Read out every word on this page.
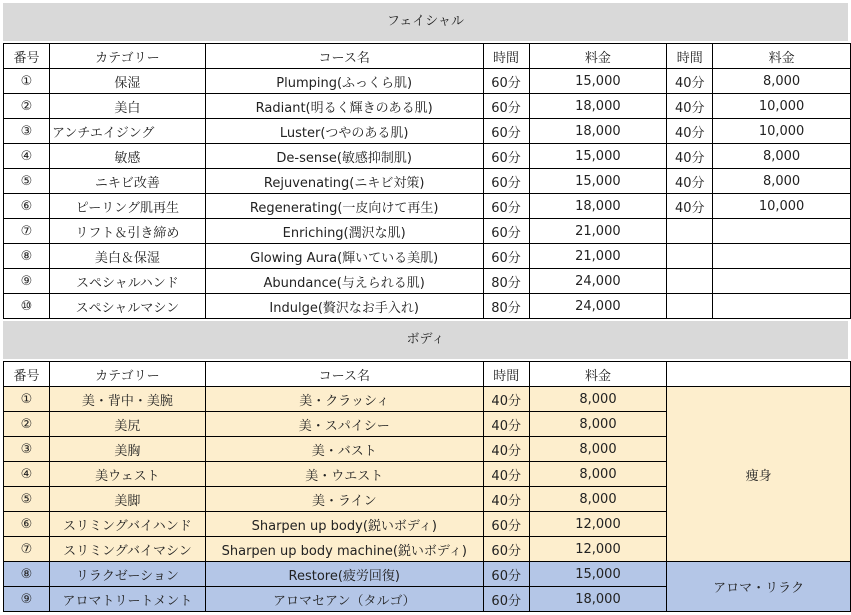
フェイシャル
番号	カテゴリー	コース名	時間	料金	時間	料金
①	保湿	Plumping(ふっくら肌)	60分	15,000	40分	8,000
②	美白	Radiant(明るく輝きのある肌)	60分	18,000	40分	10,000
③	アンチエイジング	Luster(つやのある肌)	60分	18,000	40分	10,000
④	敏感	De-sense(敏感抑制肌)	60分	15,000	40分	8,000
⑤	ニキビ改善	Rejuvenating(ニキビ対策)	60分	15,000	40分	8,000
⑥	ピーリング肌再生	Regenerating(一皮向けて再生)	60分	18,000	40分	10,000
⑦	リフト＆引き締め	Enriching(潤沢な肌)	60分	21,000		
⑧	美白＆保湿	Glowing Aura(輝いている美肌)	60分	21,000		
⑨	スペシャルハンド	Abundance(与えられる肌)	80分	24,000		
⑩	スペシャルマシン	Indulge(贅沢なお手入れ)	80分	24,000		
ボディ
番号	カテゴリー	コース名	時間	料金	
①	美・背中・美腕	美・クラッシィ	40分	8,000	痩身
②	美尻	美・スパイシー	40分	8,000	
③	美胸	美・バスト	40分	8,000	
④	美ウェスト	美・ウエスト	40分	8,000	
⑤	美脚	美・ライン	40分	8,000	
⑥	スリミングバイハンド	Sharpen up body(鋭いボディ)	60分	12,000	
⑦	スリミングバイマシン	Sharpen up body machine(鋭いボディ)	60分	12,000	
⑧	リラクゼーション	Restore(疲労回復)	60分	15,000	アロマ・リラク
⑨	アロマトリートメント	アロマセアン（タルゴ）	60分	18,000	
